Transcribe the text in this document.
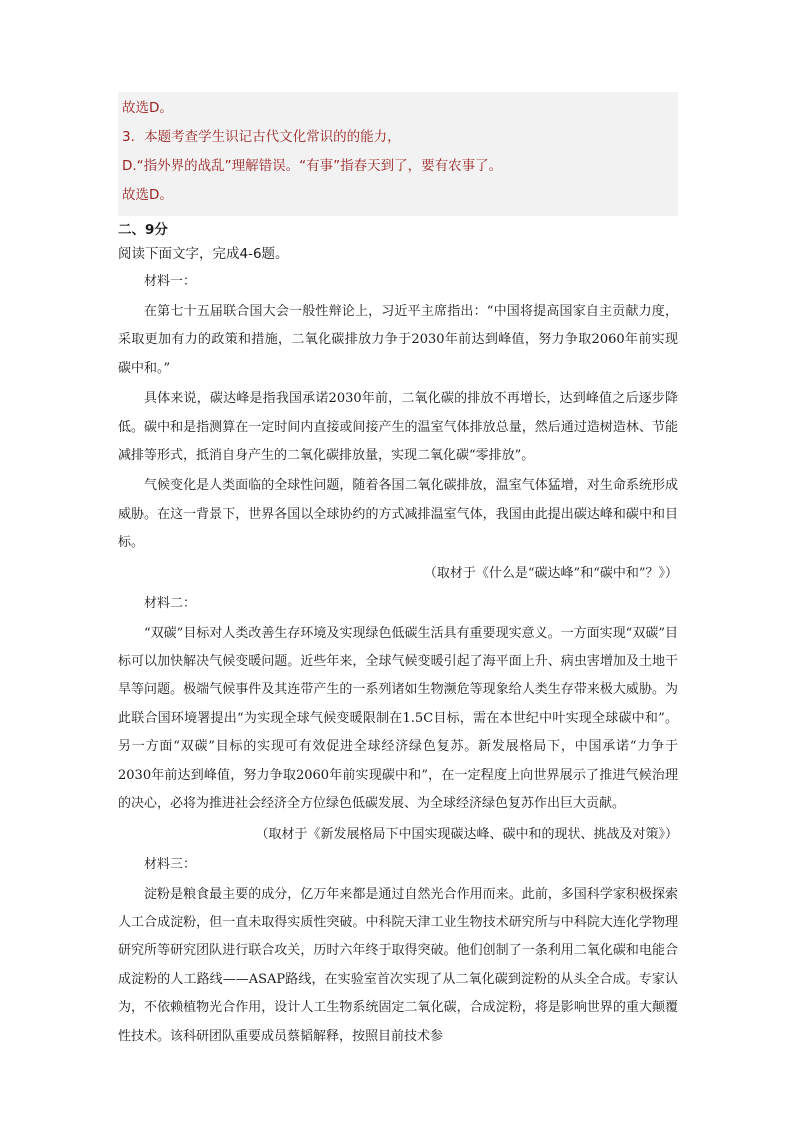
故选D。
3．本题考查学生识记古代文化常识的的能力，
D.“指外界的战乱”理解错误。“有事”指春天到了，要有农事了。
故选D。
二、9分
阅读下面文字，完成4-6题。
材料一：

在第七十五届联合国大会一般性辩论上，习近平主席指出：“中国将提高国家自主贡献力度，采取更加有力的政策和措施，二氧化碳排放力争于2030年前达到峰值，努力争取2060年前实现碳中和。”

具体来说，碳达峰是指我国承诺2030年前，二氧化碳的排放不再增长，达到峰值之后逐步降低。碳中和是指测算在一定时间内直接或间接产生的温室气体排放总量，然后通过造树造林、节能减排等形式，抵消自身产生的二氧化碳排放量，实现二氧化碳“零排放”。

气候变化是人类面临的全球性问题，随着各国二氧化碳排放，温室气体猛增，对生命系统形成威胁。在这一背景下，世界各国以全球协约的方式减排温室气体，我国由此提出碳达峰和碳中和目标。

（取材于《什么是“碳达峰”和“碳中和”？》）
材料二：

“双碳”目标对人类改善生存环境及实现绿色低碳生活具有重要现实意义。一方面实现“双碳”目标可以加快解决气候变暖问题。近些年来，全球气候变暖引起了海平面上升、病虫害增加及土地干旱等问题。极端气候事件及其连带产生的一系列诸如生物濒危等现象给人类生存带来极大威胁。为此联合国环境署提出“为实现全球气候变暖限制在1.5C目标，需在本世纪中叶实现全球碳中和”。另一方面“双碳”目标的实现可有效促进全球经济绿色复苏。新发展格局下，中国承诺“力争于2030年前达到峰值，努力争取2060年前实现碳中和”，在一定程度上向世界展示了推进气候治理的决心，必将为推进社会经济全方位绿色低碳发展、为全球经济绿色复苏作出巨大贡献。

（取材于《新发展格局下中国实现碳达峰、碳中和的现状、挑战及对策》）
材料三：

淀粉是粮食最主要的成分，亿万年来都是通过自然光合作用而来。此前，多国科学家积极探索人工合成淀粉，但一直未取得实质性突破。中科院天津工业生物技术研究所与中科院大连化学物理研究所等研究团队进行联合攻关，历时六年终于取得突破。他们创制了一条利用二氧化碳和电能合成淀粉的人工路线——ASAP路线，在实验室首次实现了从二氧化碳到淀粉的从头全合成。专家认为，不依赖植物光合作用，设计人工生物系统固定二氧化碳，合成淀粉，将是影响世界的重大颠覆性技术。该科研团队重要成员蔡韬解释，按照目前技术参
